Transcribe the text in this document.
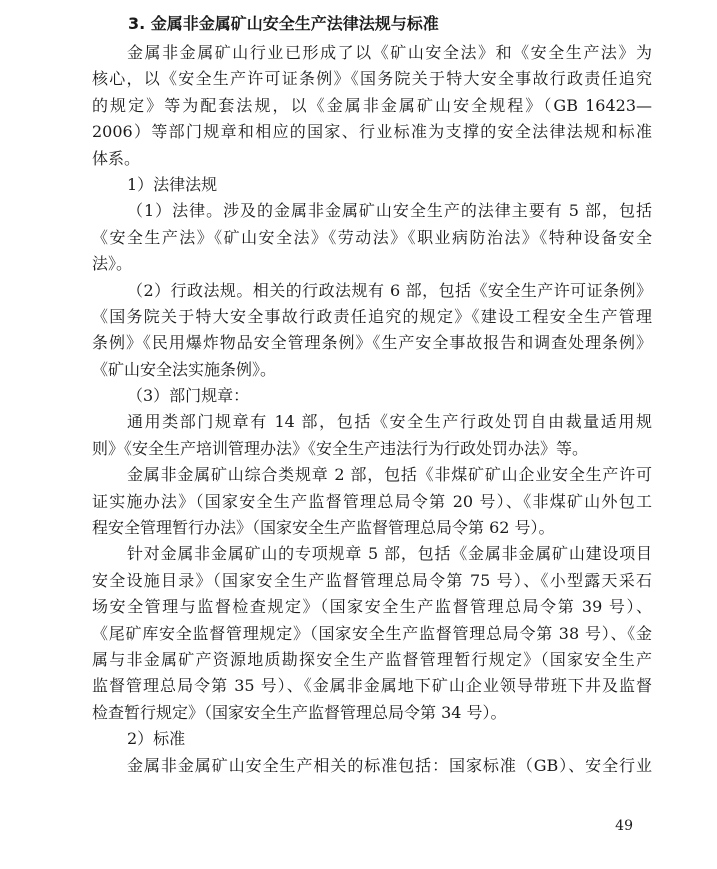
3. 金属非金属矿山安全生产法律法规与标准
金属非金属矿山行业已形成了以《矿山安全法》和《安全生产法》为
核心，以《安全生产许可证条例》《国务院关于特大安全事故行政责任追究
的规定》等为配套法规，以《金属非金属矿山安全规程》（GB 16423—
2006）等部门规章和相应的国家、行业标准为支撑的安全法律法规和标准
体系。
1）法律法规
（1）法律。涉及的金属非金属矿山安全生产的法律主要有 5 部，包括
《安全生产法》《矿山安全法》《劳动法》《职业病防治法》《特种设备安全
法》。
（2）行政法规。相关的行政法规有 6 部，包括《安全生产许可证条例》
《国务院关于特大安全事故行政责任追究的规定》《建设工程安全生产管理
条例》《民用爆炸物品安全管理条例》《生产安全事故报告和调查处理条例》
《矿山安全法实施条例》。
（3）部门规章：
通用类部门规章有 14 部，包括《安全生产行政处罚自由裁量适用规
则》《安全生产培训管理办法》《安全生产违法行为行政处罚办法》等。
金属非金属矿山综合类规章 2 部，包括《非煤矿矿山企业安全生产许可
证实施办法》（国家安全生产监督管理总局令第 20 号）、《非煤矿山外包工
程安全管理暂行办法》（国家安全生产监督管理总局令第 62 号）。
针对金属非金属矿山的专项规章 5 部，包括《金属非金属矿山建设项目
安全设施目录》（国家安全生产监督管理总局令第 75 号）、《小型露天采石
场安全管理与监督检查规定》（国家安全生产监督管理总局令第 39 号）、
《尾矿库安全监督管理规定》（国家安全生产监督管理总局令第 38 号）、《金
属与非金属矿产资源地质勘探安全生产监督管理暂行规定》（国家安全生产
监督管理总局令第 35 号）、《金属非金属地下矿山企业领导带班下井及监督
检查暂行规定》（国家安全生产监督管理总局令第 34 号）。
2）标准
金属非金属矿山安全生产相关的标准包括：国家标准（GB）、安全行业
49
